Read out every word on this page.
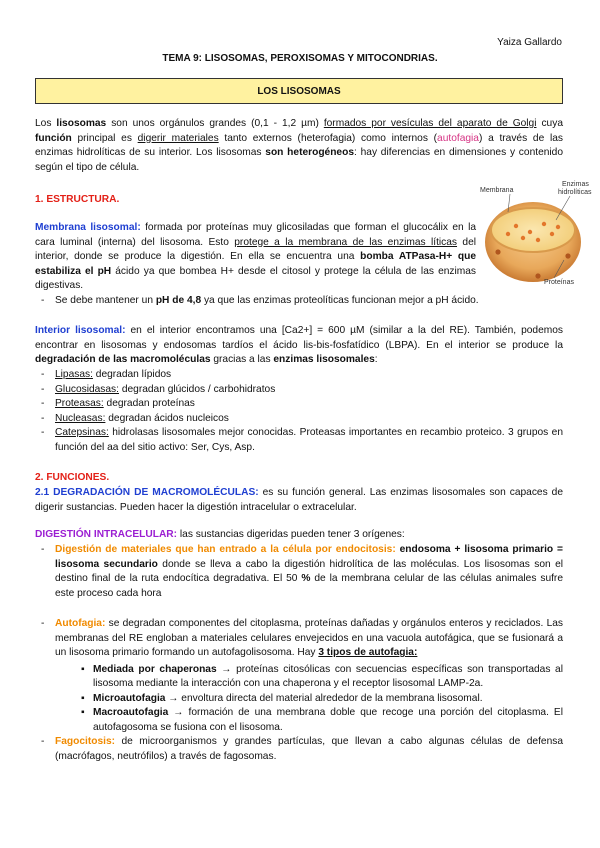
Yaiza Gallardo
TEMA 9: LISOSOMAS, PEROXISOMAS Y MITOCONDRIAS.
LOS LISOSOMAS
Los lisosomas son unos orgánulos grandes (0,1 - 1,2 µm) formados por vesículas del aparato de Golgi cuya función principal es digerir materiales tanto externos (heterofagia) como internos (autofagia) a través de las enzimas hidrolíticas de su interior. Los lisosomas son heterogéneos: hay diferencias en dimensiones y contenido según el tipo de célula.
1. ESTRUCTURA.
Membrana lisosomal: formada por proteínas muy glicosiladas que forman el glucocálix en la cara luminal (interna) del lisosoma. Esto protege a la membrana de las enzimas líticas del interior, donde se produce la digestión. En ella se encuentra una bomba ATPasa-H+ que estabiliza el pH ácido ya que bombea H+ desde el citosol y protege la célula de las enzimas digestivas.
- Se debe mantener un pH de 4,8 ya que las enzimas proteolíticas funcionan mejor a pH ácido.
Membrana
Enzimas
hidrolíticas
Proteínas
Interior lisosomal: en el interior encontramos una [Ca2+] = 600 µM (similar a la del RE). También, podemos encontrar en lisosomas y endosomas tardíos el ácido lis-bis-fosfatídico (LBPA). En el interior se produce la degradación de las macromoléculas gracias a las enzimas lisosomales:
- Lipasas: degradan lípidos
- Glucosidasas: degradan glúcidos / carbohidratos
- Proteasas: degradan proteínas
- Nucleasas: degradan ácidos nucleicos
- Catepsinas: hidrolasas lisosomales mejor conocidas. Proteasas importantes en recambio proteico. 3 grupos en función del aa del sitio activo: Ser, Cys, Asp.
2. FUNCIONES.
2.1 DEGRADACIÓN DE MACROMOLÉCULAS: es su función general. Las enzimas lisosomales son capaces de digerir sustancias. Pueden hacer la digestión intracelular o extracelular.
DIGESTIÓN INTRACELULAR: las sustancias digeridas pueden tener 3 orígenes:
- Digestión de materiales que han entrado a la célula por endocitosis: endosoma + lisosoma primario = lisosoma secundario donde se lleva a cabo la digestión hidrolítica de las moléculas. Los lisosomas son el destino final de la ruta endocítica degradativa. El 50 % de la membrana celular de las células animales sufre este proceso cada hora
- Autofagia: se degradan componentes del citoplasma, proteínas dañadas y orgánulos enteros y reciclados. Las membranas del RE engloban a materiales celulares envejecidos en una vacuola autofágica, que se fusionará a un lisosoma primario formando un autofagolisosoma. Hay 3 tipos de autofagia:
▪ Mediada por chaperonas → proteínas citosólicas con secuencias específicas son transportadas al lisosoma mediante la interacción con una chaperona y el receptor lisosomal LAMP-2a.
▪ Microautofagia → envoltura directa del material alrededor de la membrana lisosomal.
▪ Macroautofagia → formación de una membrana doble que recoge una porción del citoplasma. El autofagosoma se fusiona con el lisosoma.
- Fagocitosis: de microorganismos y grandes partículas, que llevan a cabo algunas células de defensa (macrófagos, neutrófilos) a través de fagosomas.
